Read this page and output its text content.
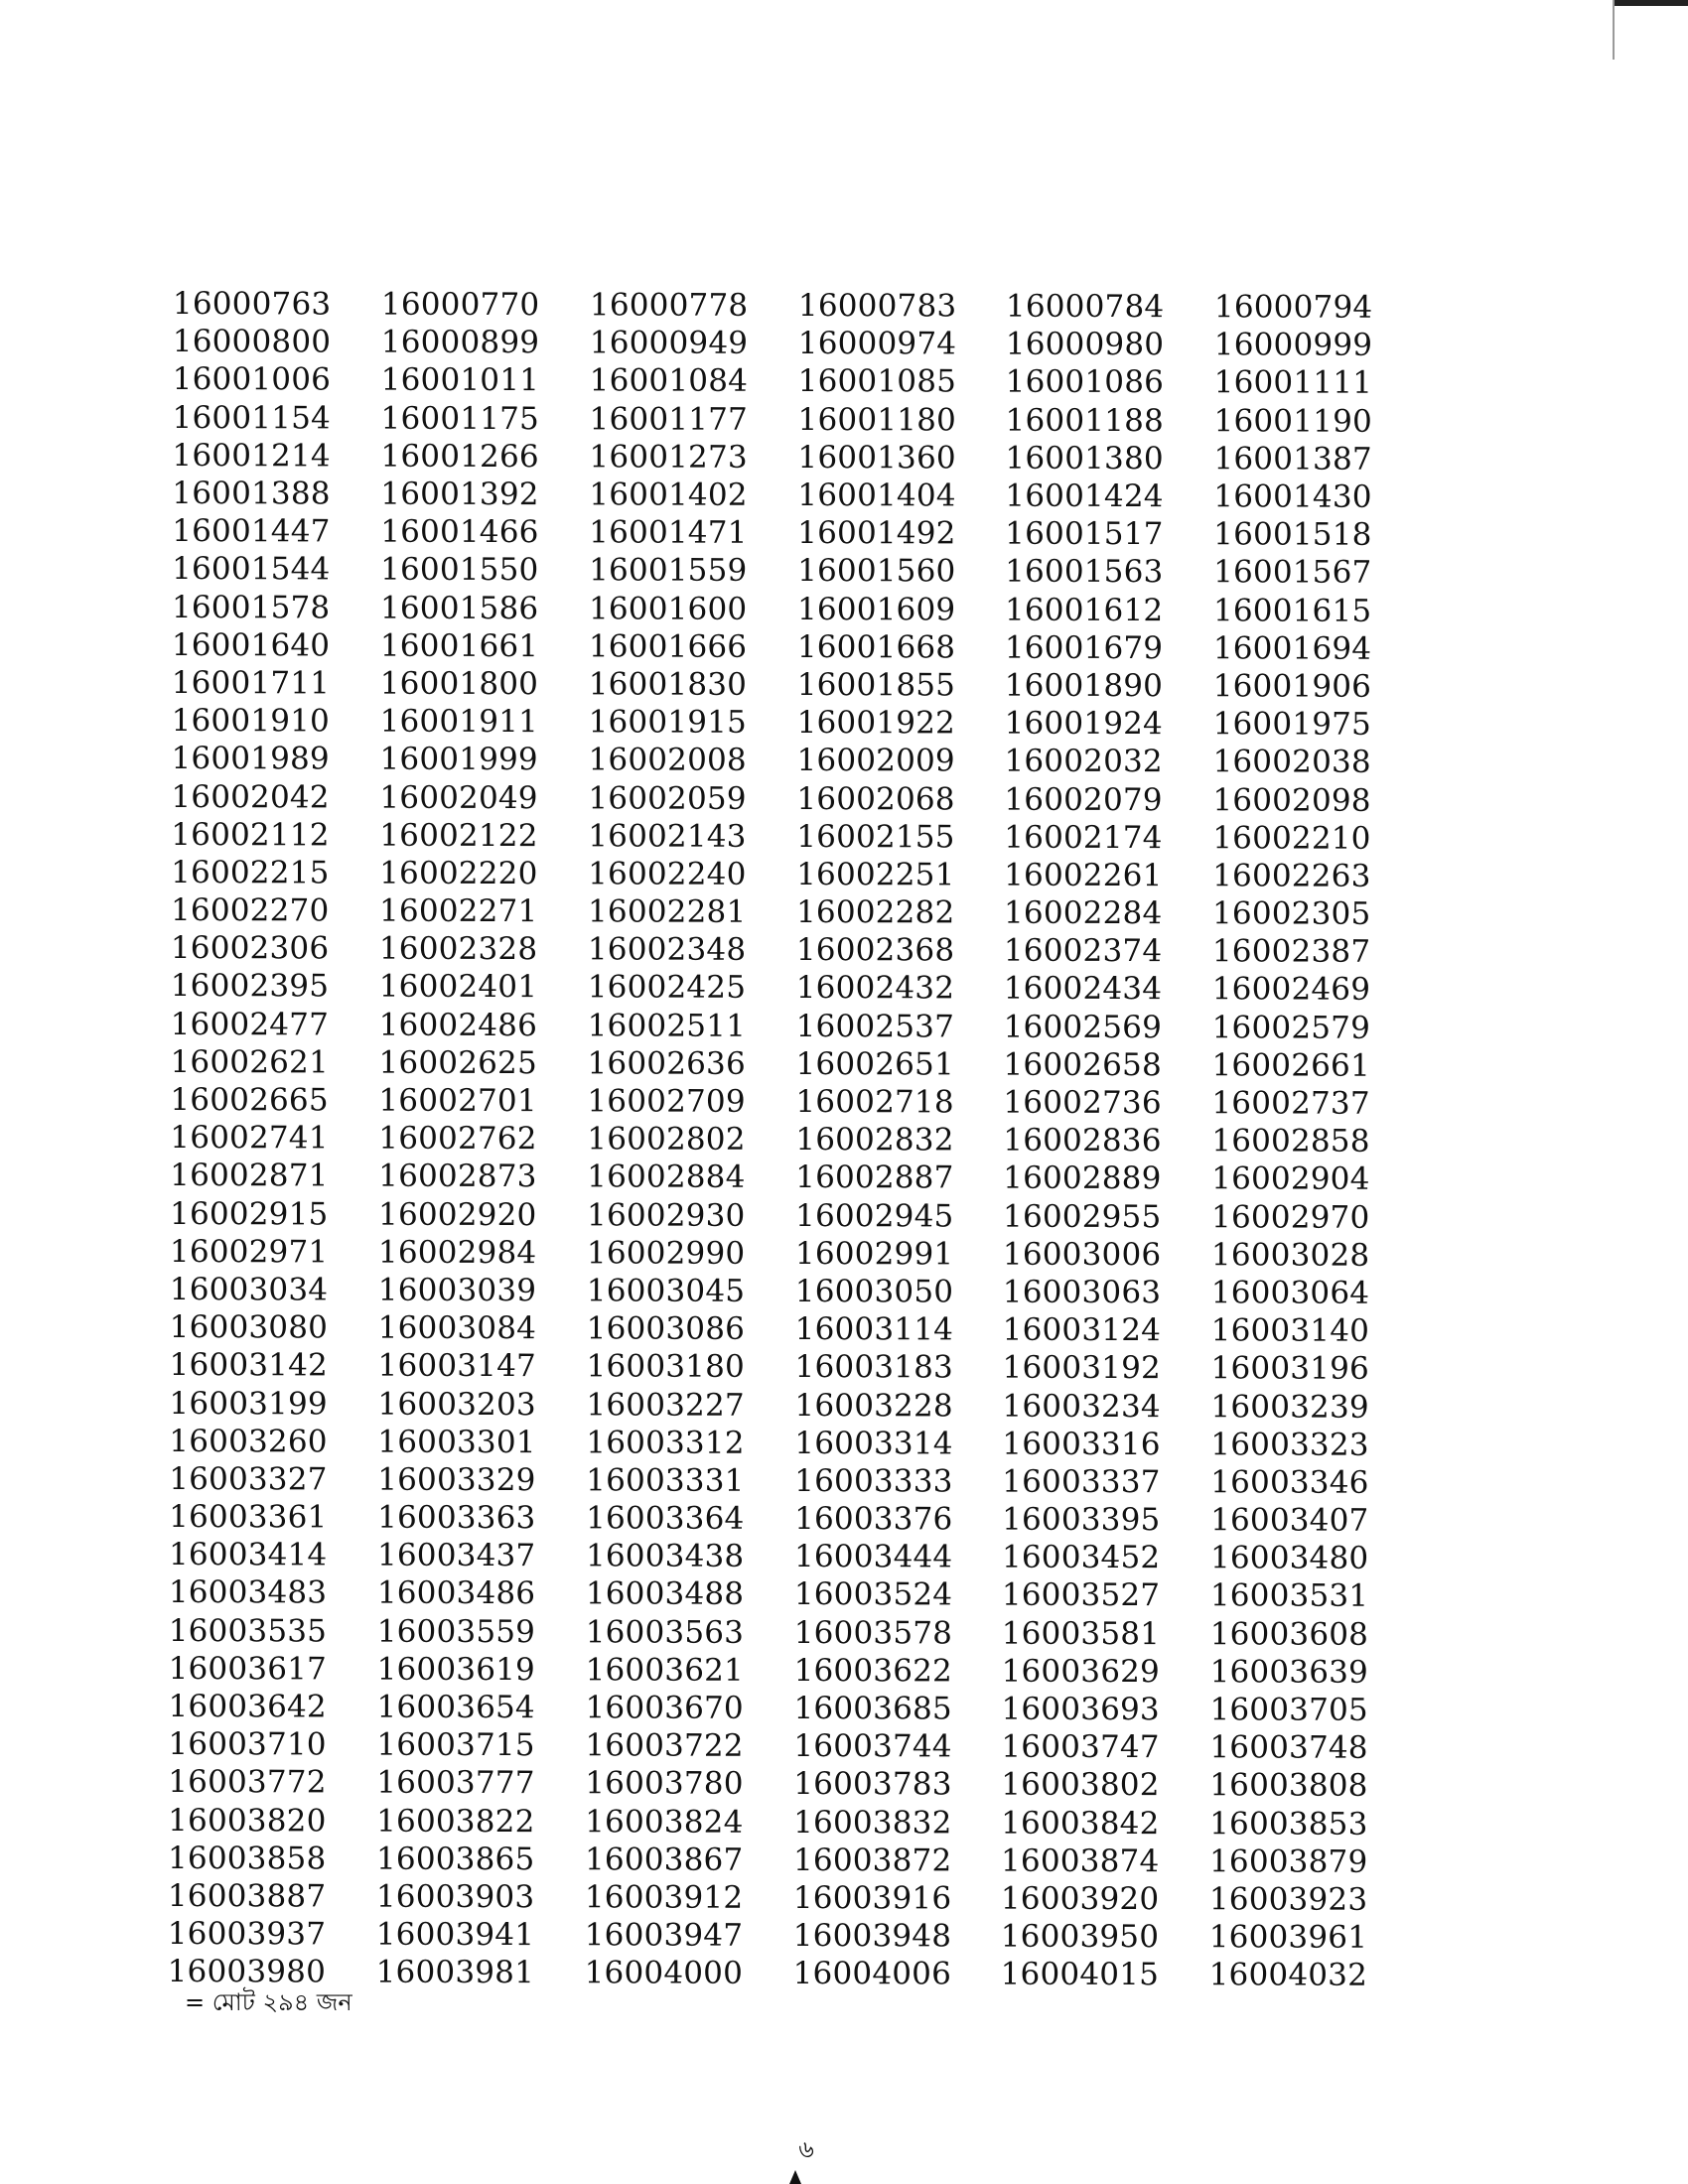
16000763	16000770	16000778	16000783	16000784	16000794
16000800	16000899	16000949	16000974	16000980	16000999
16001006	16001011	16001084	16001085	16001086	16001111
16001154	16001175	16001177	16001180	16001188	16001190
16001214	16001266	16001273	16001360	16001380	16001387
16001388	16001392	16001402	16001404	16001424	16001430
16001447	16001466	16001471	16001492	16001517	16001518
16001544	16001550	16001559	16001560	16001563	16001567
16001578	16001586	16001600	16001609	16001612	16001615
16001640	16001661	16001666	16001668	16001679	16001694
16001711	16001800	16001830	16001855	16001890	16001906
16001910	16001911	16001915	16001922	16001924	16001975
16001989	16001999	16002008	16002009	16002032	16002038
16002042	16002049	16002059	16002068	16002079	16002098
16002112	16002122	16002143	16002155	16002174	16002210
16002215	16002220	16002240	16002251	16002261	16002263
16002270	16002271	16002281	16002282	16002284	16002305
16002306	16002328	16002348	16002368	16002374	16002387
16002395	16002401	16002425	16002432	16002434	16002469
16002477	16002486	16002511	16002537	16002569	16002579
16002621	16002625	16002636	16002651	16002658	16002661
16002665	16002701	16002709	16002718	16002736	16002737
16002741	16002762	16002802	16002832	16002836	16002858
16002871	16002873	16002884	16002887	16002889	16002904
16002915	16002920	16002930	16002945	16002955	16002970
16002971	16002984	16002990	16002991	16003006	16003028
16003034	16003039	16003045	16003050	16003063	16003064
16003080	16003084	16003086	16003114	16003124	16003140
16003142	16003147	16003180	16003183	16003192	16003196
16003199	16003203	16003227	16003228	16003234	16003239
16003260	16003301	16003312	16003314	16003316	16003323
16003327	16003329	16003331	16003333	16003337	16003346
16003361	16003363	16003364	16003376	16003395	16003407
16003414	16003437	16003438	16003444	16003452	16003480
16003483	16003486	16003488	16003524	16003527	16003531
16003535	16003559	16003563	16003578	16003581	16003608
16003617	16003619	16003621	16003622	16003629	16003639
16003642	16003654	16003670	16003685	16003693	16003705
16003710	16003715	16003722	16003744	16003747	16003748
16003772	16003777	16003780	16003783	16003802	16003808
16003820	16003822	16003824	16003832	16003842	16003853
16003858	16003865	16003867	16003872	16003874	16003879
16003887	16003903	16003912	16003916	16003920	16003923
16003937	16003941	16003947	16003948	16003950	16003961
16003980	16003981	16004000	16004006	16004015	16004032
= মোট ২৯৪ জন
৬
